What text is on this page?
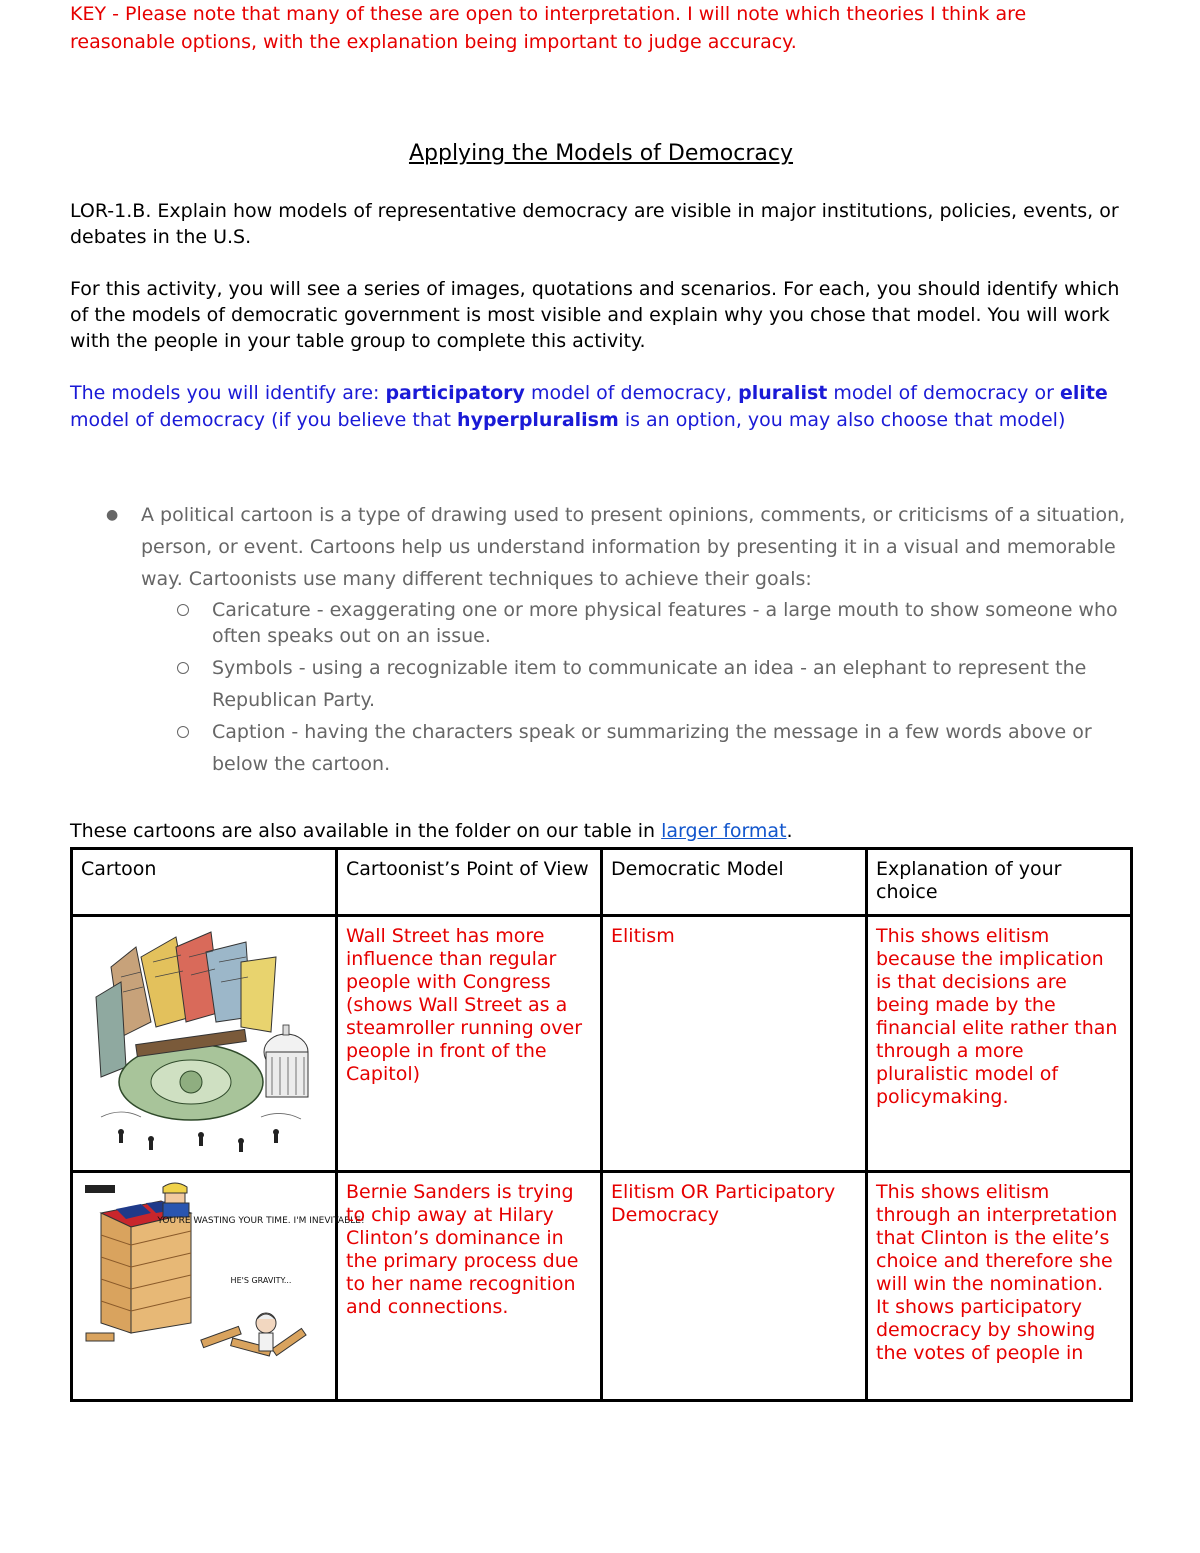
KEY - Please note that many of these are open to interpretation. I will note which theories I think are reasonable options, with the explanation being important to judge accuracy.

Applying the Models of Democracy

LOR-1.B. Explain how models of representative democracy are visible in major institutions, policies, events, or debates in the U.S.

For this activity, you will see a series of images, quotations and scenarios. For each, you should identify which of the models of democratic government is most visible and explain why you chose that model. You will work with the people in your table group to complete this activity.

The models you will identify are: participatory model of democracy, pluralist model of democracy or elite model of democracy (if you believe that hyperpluralism is an option, you may also choose that model)

● A political cartoon is a type of drawing used to present opinions, comments, or criticisms of a situation, person, or event. Cartoons help us understand information by presenting it in a visual and memorable way. Cartoonists use many different techniques to achieve their goals:
Caricature - exaggerating one or more physical features - a large mouth to show someone who often speaks out on an issue.
Symbols - using a recognizable item to communicate an idea - an elephant to represent the Republican Party.
Caption - having the characters speak or summarizing the message in a few words above or below the cartoon.

These cartoons are also available in the folder on our table in larger format.

Cartoon	Cartoonist’s Point of View	Democratic Model	Explanation of your choice

	Wall Street has more influence than regular people with Congress (shows Wall Street as a steamroller running over people in front of the Capitol)	Elitism	This shows elitism because the implication is that decisions are being made by the financial elite rather than through a more pluralistic model of policymaking.

YOU'RE WASTING YOUR TIME. I'M INEVITABLE!
HE'S GRAVITY...	Bernie Sanders is trying to chip away at Hilary Clinton’s dominance in the primary process due to her name recognition and connections.	Elitism OR Participatory Democracy	This shows elitism through an interpretation that Clinton is the elite’s choice and therefore she will win the nomination. It shows participatory democracy by showing the votes of people in
